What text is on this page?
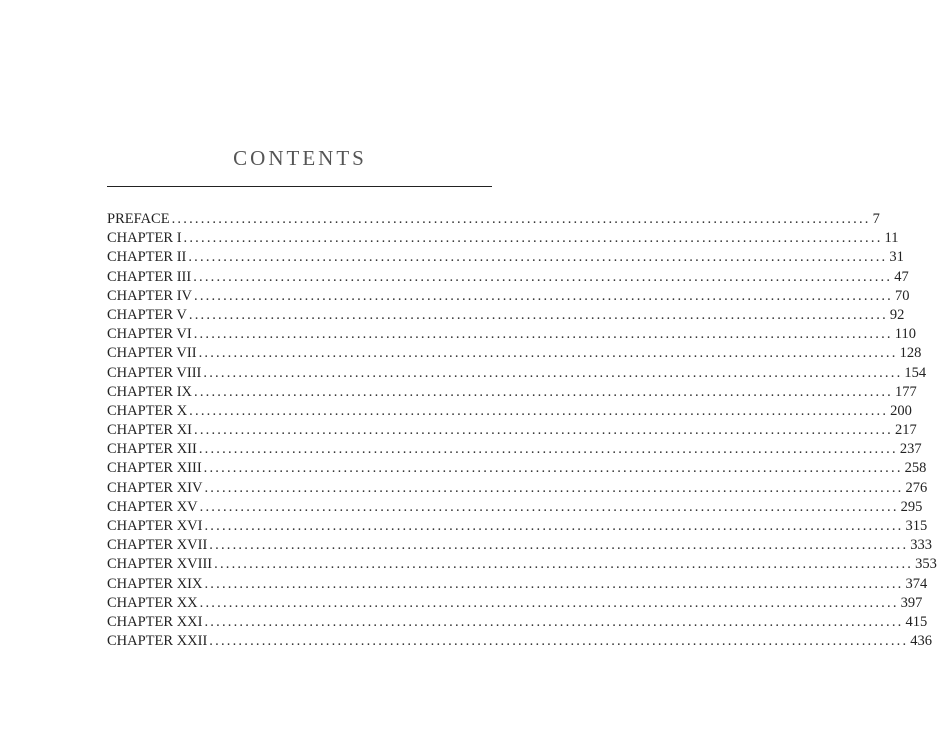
CONTENTS
PREFACE ........................................................................................................................ 7
CHAPTER I ........................................................................................................................ 11
CHAPTER II ........................................................................................................................ 31
CHAPTER III ........................................................................................................................ 47
CHAPTER IV ........................................................................................................................ 70
CHAPTER V ........................................................................................................................ 92
CHAPTER VI ........................................................................................................................ 110
CHAPTER VII ........................................................................................................................ 128
CHAPTER VIII ........................................................................................................................ 154
CHAPTER IX ........................................................................................................................ 177
CHAPTER X ........................................................................................................................ 200
CHAPTER XI ........................................................................................................................ 217
CHAPTER XII ........................................................................................................................ 237
CHAPTER XIII ........................................................................................................................ 258
CHAPTER XIV ........................................................................................................................ 276
CHAPTER XV ........................................................................................................................ 295
CHAPTER XVI ........................................................................................................................ 315
CHAPTER XVII ........................................................................................................................ 333
CHAPTER XVIII ........................................................................................................................ 353
CHAPTER XIX ........................................................................................................................ 374
CHAPTER XX ........................................................................................................................ 397
CHAPTER XXI ........................................................................................................................ 415
CHAPTER XXII ........................................................................................................................ 436
